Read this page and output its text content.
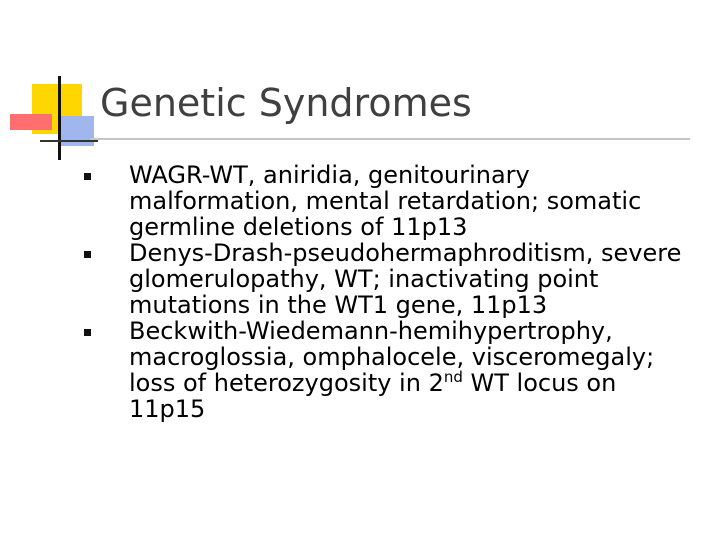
Genetic Syndromes
WAGR-WT, aniridia, genitourinary
malformation, mental retardation; somatic
germline deletions of 11p13
Denys-Drash-pseudohermaphroditism, severe
glomerulopathy, WT; inactivating point
mutations in the WT1 gene, 11p13
Beckwith-Wiedemann-hemihypertrophy,
macroglossia, omphalocele, visceromegaly;
loss of heterozygosity in 2nd WT locus on
11p15
